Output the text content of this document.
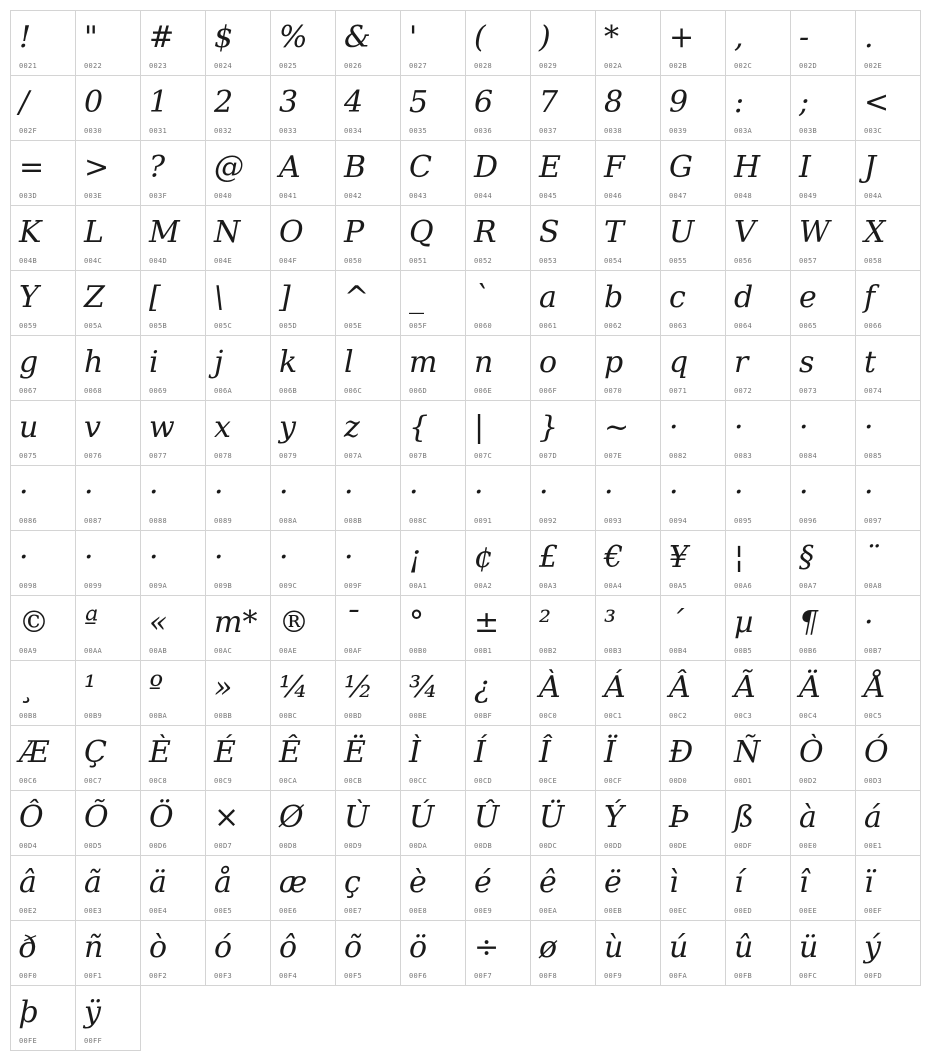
!
0021
"
0022
#
0023
$
0024
%
0025
&
0026
'
0027
(
0028
)
0029
*
002A
+
002B
,
002C
-
002D
.
002E
/
002F
0
0030
1
0031
2
0032
3
0033
4
0034
5
0035
6
0036
7
0037
8
0038
9
0039
:
003A
;
003B
<
003C
=
003D
>
003E
?
003F
@
0040
A
0041
B
0042
C
0043
D
0044
E
0045
F
0046
G
0047
H
0048
I
0049
J
004A
K
004B
L
004C
M
004D
N
004E
O
004F
P
0050
Q
0051
R
0052
S
0053
T
0054
U
0055
V
0056
W
0057
X
0058
Y
0059
Z
005A
[
005B
\
005C
]
005D
^
005E
_
005F
`
0060
a
0061
b
0062
c
0063
d
0064
e
0065
f
0066
g
0067
h
0068
i
0069
j
006A
k
006B
l
006C
m
006D
n
006E
o
006F
p
0070
q
0071
r
0072
s
0073
t
0074
u
0075
v
0076
w
0077
x
0078
y
0079
z
007A
{
007B
|
007C
}
007D
~
007E
·
0082
·
0083
·
0084
·
0085
·
0086
·
0087
·
0088
·
0089
·
008A
·
008B
·
008C
·
0091
·
0092
·
0093
·
0094
·
0095
·
0096
·
0097
·
0098
·
0099
·
009A
·
009B
·
009C
·
009F
¡
00A1
¢
00A2
£
00A3
€
00A4
¥
00A5
¦
00A6
§
00A7
¨
00A8
©
00A9
ª
00AA
«
00AB
m*
00AC
®
00AE
¯
00AF
°
00B0
±
00B1
²
00B2
³
00B3
´
00B4
µ
00B5
¶
00B6
·
00B7
¸
00B8
¹
00B9
º
00BA
»
00BB
¼
00BC
½
00BD
¾
00BE
¿
00BF
À
00C0
Á
00C1
Â
00C2
Ã
00C3
Ä
00C4
Å
00C5
Æ
00C6
Ç
00C7
È
00C8
É
00C9
Ê
00CA
Ë
00CB
Ì
00CC
Í
00CD
Î
00CE
Ï
00CF
Ð
00D0
Ñ
00D1
Ò
00D2
Ó
00D3
Ô
00D4
Õ
00D5
Ö
00D6
×
00D7
Ø
00D8
Ù
00D9
Ú
00DA
Û
00DB
Ü
00DC
Ý
00DD
Þ
00DE
ß
00DF
à
00E0
á
00E1
â
00E2
ã
00E3
ä
00E4
å
00E5
æ
00E6
ç
00E7
è
00E8
é
00E9
ê
00EA
ë
00EB
ì
00EC
í
00ED
î
00EE
ï
00EF
ð
00F0
ñ
00F1
ò
00F2
ó
00F3
ô
00F4
õ
00F5
ö
00F6
÷
00F7
ø
00F8
ù
00F9
ú
00FA
û
00FB
ü
00FC
ý
00FD
þ
00FE
ÿ
00FF
